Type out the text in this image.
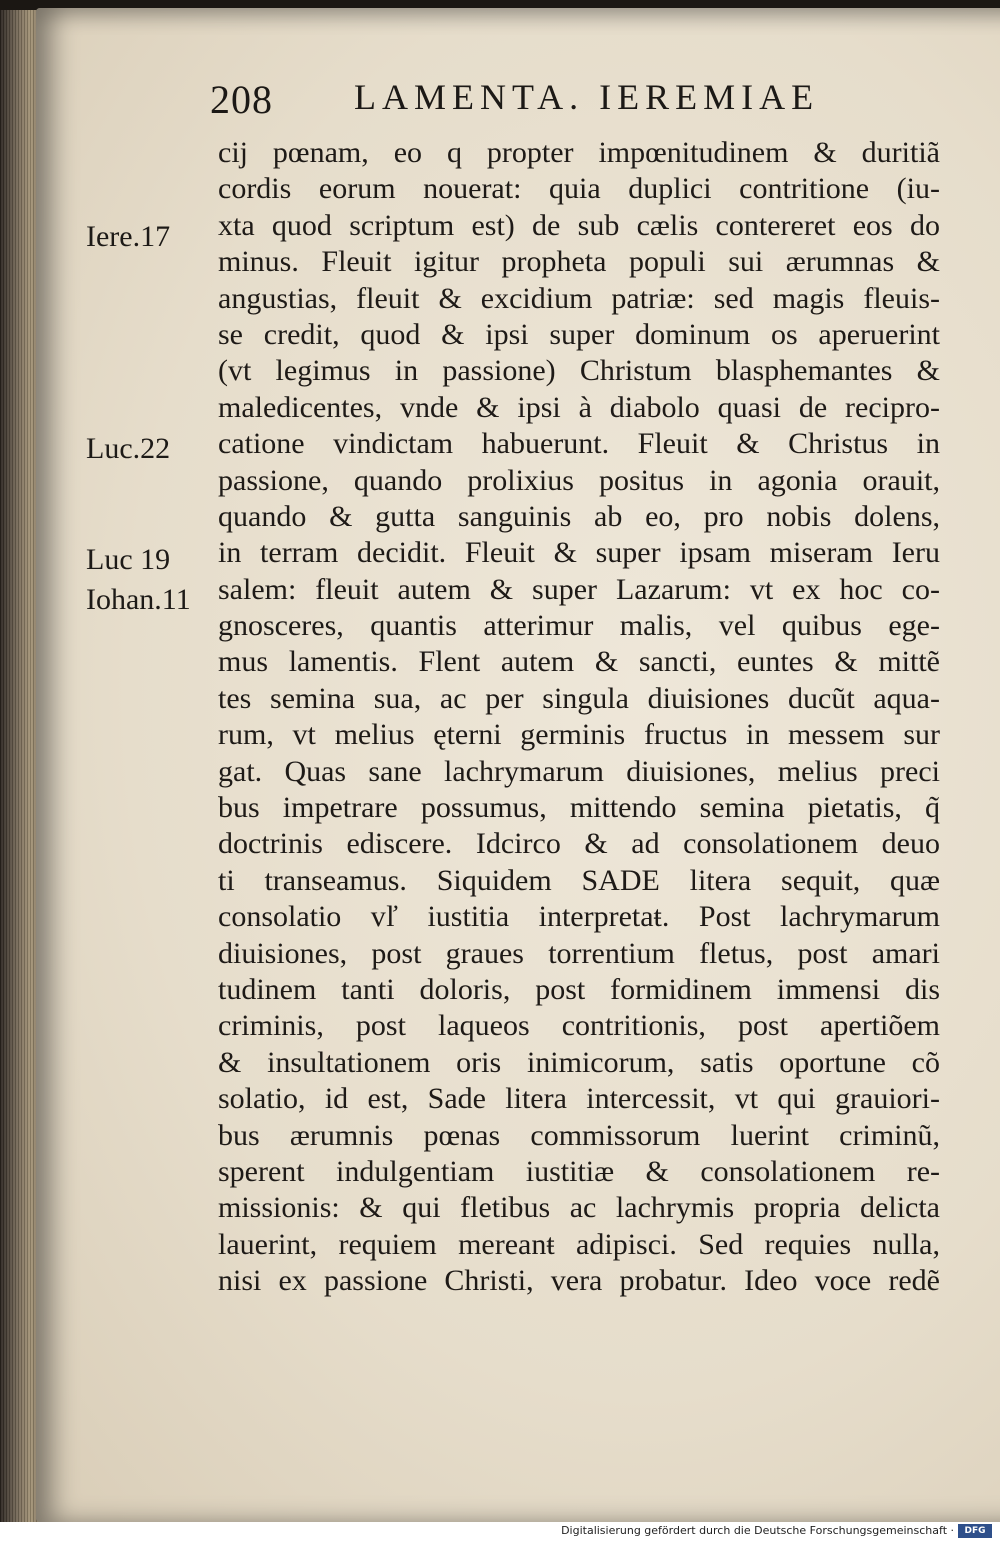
208 LAMENTA. IEREMIAE
Iere.17
Luc.22
Luc 19
Iohan.11
cij pœnam, eo q propter impœnitudinem & duritiã
cordis eorum nouerat: quia duplici contritione (iu-
xta quod scriptum est) de sub cælis contereret eos do
minus. Fleuit igitur propheta populi sui ærumnas &
angustias, fleuit & excidium patriæ: sed magis fleuis-
se credit, quod & ipsi super dominum os aperuerint
(vt legimus in passione) Christum blasphemantes &
maledicentes, vnde & ipsi à diabolo quasi de recipro-
catione vindictam habuerunt. Fleuit & Christus in
passione, quando prolixius positus in agonia orauit,
quando & gutta sanguinis ab eo, pro nobis dolens,
in terram decidit. Fleuit & super ipsam miseram Ieru
salem: fleuit autem & super Lazarum: vt ex hoc co-
gnosceres, quantis atterimur malis, vel quibus ege-
mus lamentis. Flent autem & sancti, euntes & mittẽ
tes semina sua, ac per singula diuisiones ducũt aqua-
rum, vt melius ęterni germinis fructus in messem sur
gat. Quas sane lachrymarum diuisiones, melius preci
bus impetrare possumus, mittendo semina pietatis, q̃
doctrinis ediscere. Idcirco & ad consolationem deuo
ti transeamus. Siquidem SADE litera sequit, quæ
consolatio vľ iustitia interpretaŧ. Post lachrymarum
diuisiones, post graues torrentium fletus, post amari
tudinem tanti doloris, post formidinem immensi dis
criminis, post laqueos contritionis, post apertiõem
& insultationem oris inimicorum, satis oportune cõ
solatio, id est, Sade litera intercessit, vt qui grauiori-
bus ærumnis pœnas commissorum luerint criminũ,
sperent indulgentiam iustitiæ & consolationem re-
missionis: & qui fletibus ac lachrymis propria delicta
lauerint, requiem mereanŧ adipisci. Sed requies nulla,
nisi ex passione Christi, vera probatur. Ideo voce redẽ
Digitalisierung gefördert durch die Deutsche Forschungsgemeinschaft ·	DFG
